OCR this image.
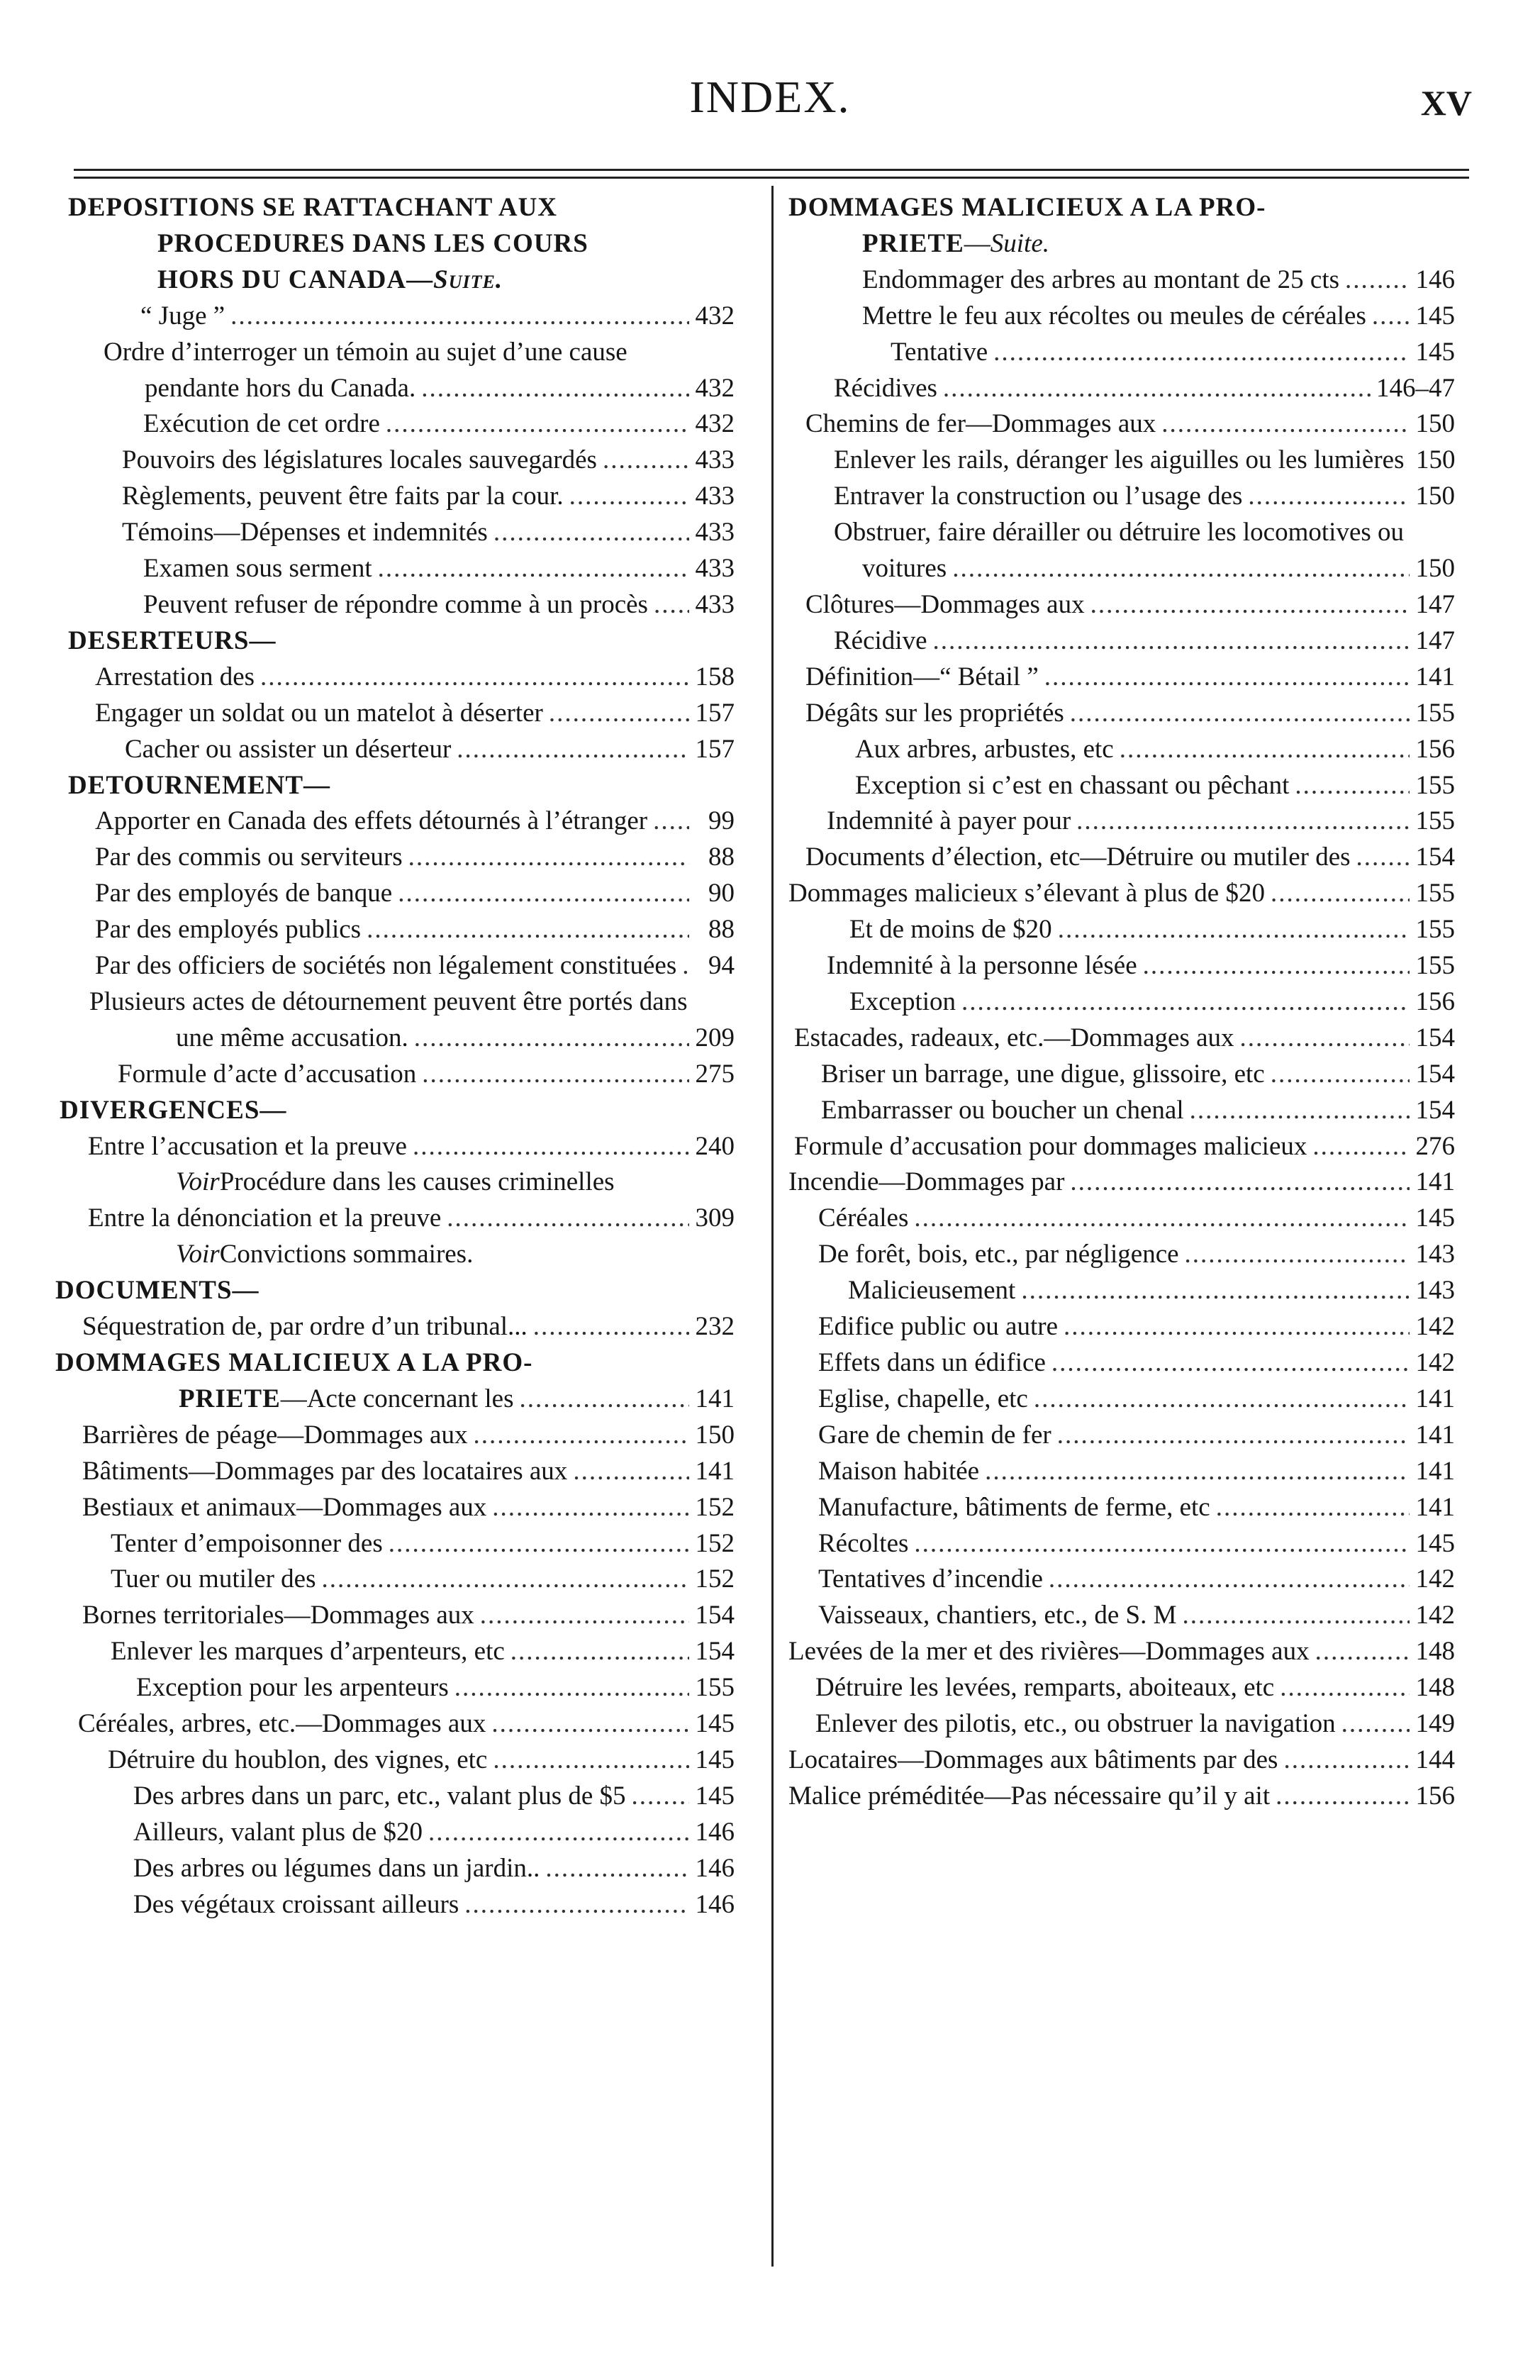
INDEX.	XV
DEPOSITIONS SE RATTACHANT AUX
PROCEDURES DANS LES COURS
HORS DU CANADA— Suite.
“ Juge ” .....	432
Ordre d’interroger un témoin au sujet d’une cause
pendante hors du Canada. .....	432
Exécution de cet ordre .....	432
Pouvoirs des législatures locales sauvegardés .....	433
Règlements, peuvent être faits par la cour. .....	433
Témoins—Dépenses et indemnités .....	433
Examen sous serment .....	433
Peuvent refuser de répondre comme à un procès ..... 433
DESERTEURS—
Arrestation des .....	158
Engager un soldat ou un matelot à déserter .....	157
Cacher ou assister un déserteur .....	157
DETOURNEMENT—
Apporter en Canada des effets détournés à l’étranger .....	99
Par des commis ou serviteurs .....	88
Par des employés de banque .....	90
Par des employés publics .....	88
Par des officiers de sociétés non légalement constituées .....	94
Plusieurs actes de détournement peuvent être portés dans
une même accusation. .....	209
Formule d’acte d’accusation .....	275
DIVERGENCES—
Entre l’accusation et la preuve .....	240
Voir Procédure dans les causes criminelles
Entre la dénonciation et la preuve .....	309
Voir Convictions sommaires.
DOCUMENTS—
Séquestration de, par ordre d’un tribunal... .....	232
DOMMAGES MALICIEUX A LA PRO-
PRIETE —Acte concernant les .....	141
Barrières de péage—Dommages aux .....	150
Bâtiments—Dommages par des locataires aux .....	141
Bestiaux et animaux—Dommages aux .....	152
Tenter d’empoisonner des .....	152
Tuer ou mutiler des .....	152
Bornes territoriales—Dommages aux .....	154
Enlever les marques d’arpenteurs, etc .....	154
Exception pour les arpenteurs .....	155
Céréales, arbres, etc.—Dommages aux .....	145
Détruire du houblon, des vignes, etc .....	145
Des arbres dans un parc, etc., valant plus de $5 .....	145
Ailleurs, valant plus de $20 .....	146
Des arbres ou légumes dans un jardin.. .....	146
Des végétaux croissant ailleurs .....	146
DOMMAGES MALICIEUX A LA PRO-
PRIETE — Suite.
Endommager des arbres au montant de 25 cts .....	146
Mettre le feu aux récoltes ou meules de céréales ..... 145
Tentative .....	145
Récidives .....	146–47
Chemins de fer—Dommages aux .....	150
Enlever les rails, déranger les aiguilles ou les lumières 150
Entraver la construction ou l’usage des .....	150
Obstruer, faire dérailler ou détruire les locomotives ou
voitures .....	150
Clôtures—Dommages aux .....	147
Récidive .....	147
Définition—“ Bétail ” .....	141
Dégâts sur les propriétés .....	155
Aux arbres, arbustes, etc .....	156
Exception si c’est en chassant ou pêchant .....	155
Indemnité à payer pour .....	155
Documents d’élection, etc—Détruire ou mutiler des ..... 154
Dommages malicieux s’élevant à plus de $20 .....	155
Et de moins de $20 .....	155
Indemnité à la personne lésée .....	155
Exception .....	156
Estacades, radeaux, etc.—Dommages aux .....	154
Briser un barrage, une digue, glissoire, etc .....	154
Embarrasser ou boucher un chenal .....	154
Formule d’accusation pour dommages malicieux .....	276
Incendie—Dommages par .....	141
Céréales .....	145
De forêt, bois, etc., par négligence .....	143
Malicieusement .....	143
Edifice public ou autre .....	142
Effets dans un édifice .....	142
Eglise, chapelle, etc .....	141
Gare de chemin de fer .....	141
Maison habitée .....	141
Manufacture, bâtiments de ferme, etc .....	141
Récoltes .....	145
Tentatives d’incendie .....	142
Vaisseaux, chantiers, etc., de S. M .....	142
Levées de la mer et des rivières—Dommages aux .....	148
Détruire les levées, remparts, aboiteaux, etc .....	148
Enlever des pilotis, etc., ou obstruer la navigation .....	149
Locataires—Dommages aux bâtiments par des .....	144
Malice préméditée—Pas nécessaire qu’il y ait .....	156
